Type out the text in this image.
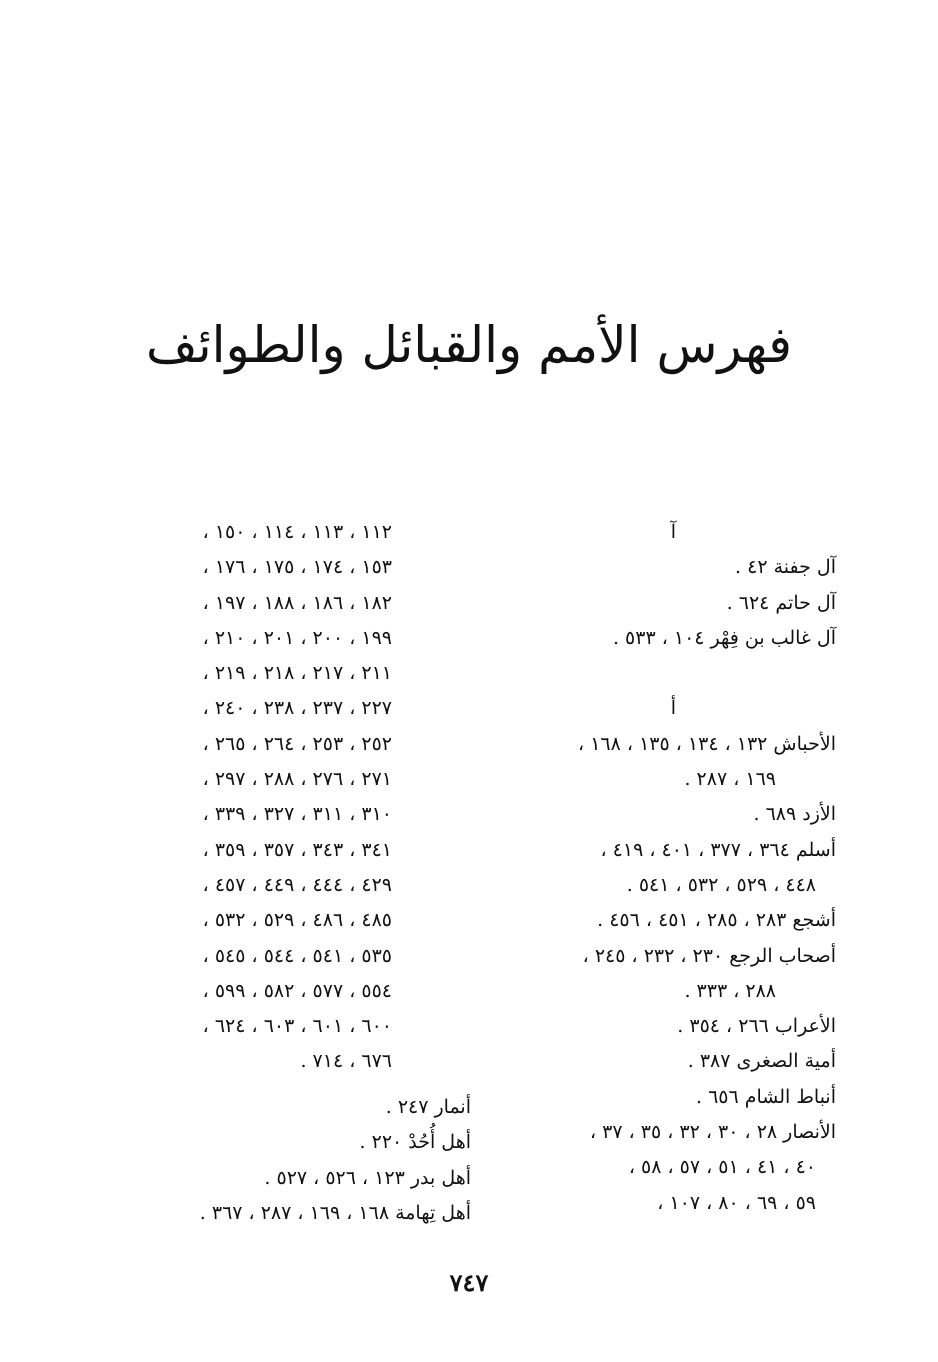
فهرس الأمم والقبائل والطوائف
آ
آل جفنة ٤٢ .
آل حاتم ٦٢٤ .
آل غالب بن فِهْر ١٠٤ ، ٥٣٣ .
أ
الأحباش ١٣٢ ، ١٣٤ ، ١٣٥ ، ١٦٨ ،
١٦٩ ، ٢٨٧ .
الأزد ٦٨٩ .
أسلم ٣٦٤ ، ٣٧٧ ، ٤٠١ ، ٤١٩ ،
٤٤٨ ، ٥٢٩ ، ٥٣٢ ، ٥٤١ .
أشجع ٢٨٣ ، ٢٨٥ ، ٤٥١ ، ٤٥٦ .
أصحاب الرجع ٢٣٠ ، ٢٣٢ ، ٢٤٥ ،
٢٨٨ ، ٣٣٣ .
الأعراب ٢٦٦ ، ٣٥٤ .
أمية الصغرى ٣٨٧ .
أنباط الشام ٦٥٦ .
الأنصار ٢٨ ، ٣٠ ، ٣٢ ، ٣٥ ، ٣٧ ،
٤٠ ، ٤١ ، ٥١ ، ٥٧ ، ٥٨ ،
٥٩ ، ٦٩ ، ٨٠ ، ١٠٧ ،
١١٢ ، ١١٣ ، ١١٤ ، ١٥٠ ،
١٥٣ ، ١٧٤ ، ١٧٥ ، ١٧٦ ،
١٨٢ ، ١٨٦ ، ١٨٨ ، ١٩٧ ،
١٩٩ ، ٢٠٠ ، ٢٠١ ، ٢١٠ ،
٢١١ ، ٢١٧ ، ٢١٨ ، ٢١٩ ،
٢٢٧ ، ٢٣٧ ، ٢٣٨ ، ٢٤٠ ،
٢٥٢ ، ٢٥٣ ، ٢٦٤ ، ٢٦٥ ،
٢٧١ ، ٢٧٦ ، ٢٨٨ ، ٢٩٧ ،
٣١٠ ، ٣١١ ، ٣٢٧ ، ٣٣٩ ،
٣٤١ ، ٣٤٣ ، ٣٥٧ ، ٣٥٩ ،
٤٢٩ ، ٤٤٤ ، ٤٤٩ ، ٤٥٧ ،
٤٨٥ ، ٤٨٦ ، ٥٢٩ ، ٥٣٢ ،
٥٣٥ ، ٥٤١ ، ٥٤٤ ، ٥٤٥ ،
٥٥٤ ، ٥٧٧ ، ٥٨٢ ، ٥٩٩ ،
٦٠٠ ، ٦٠١ ، ٦٠٣ ، ٦٢٤ ،
٦٧٦ ، ٧١٤ .
أنمار ٢٤٧ .
أهل أُحُدْ ٢٢٠ .
أهل بدر ١٢٣ ، ٥٢٦ ، ٥٢٧ .
أهل تِهامة ١٦٨ ، ١٦٩ ، ٢٨٧ ، ٣٦٧ .
٧٤٧
